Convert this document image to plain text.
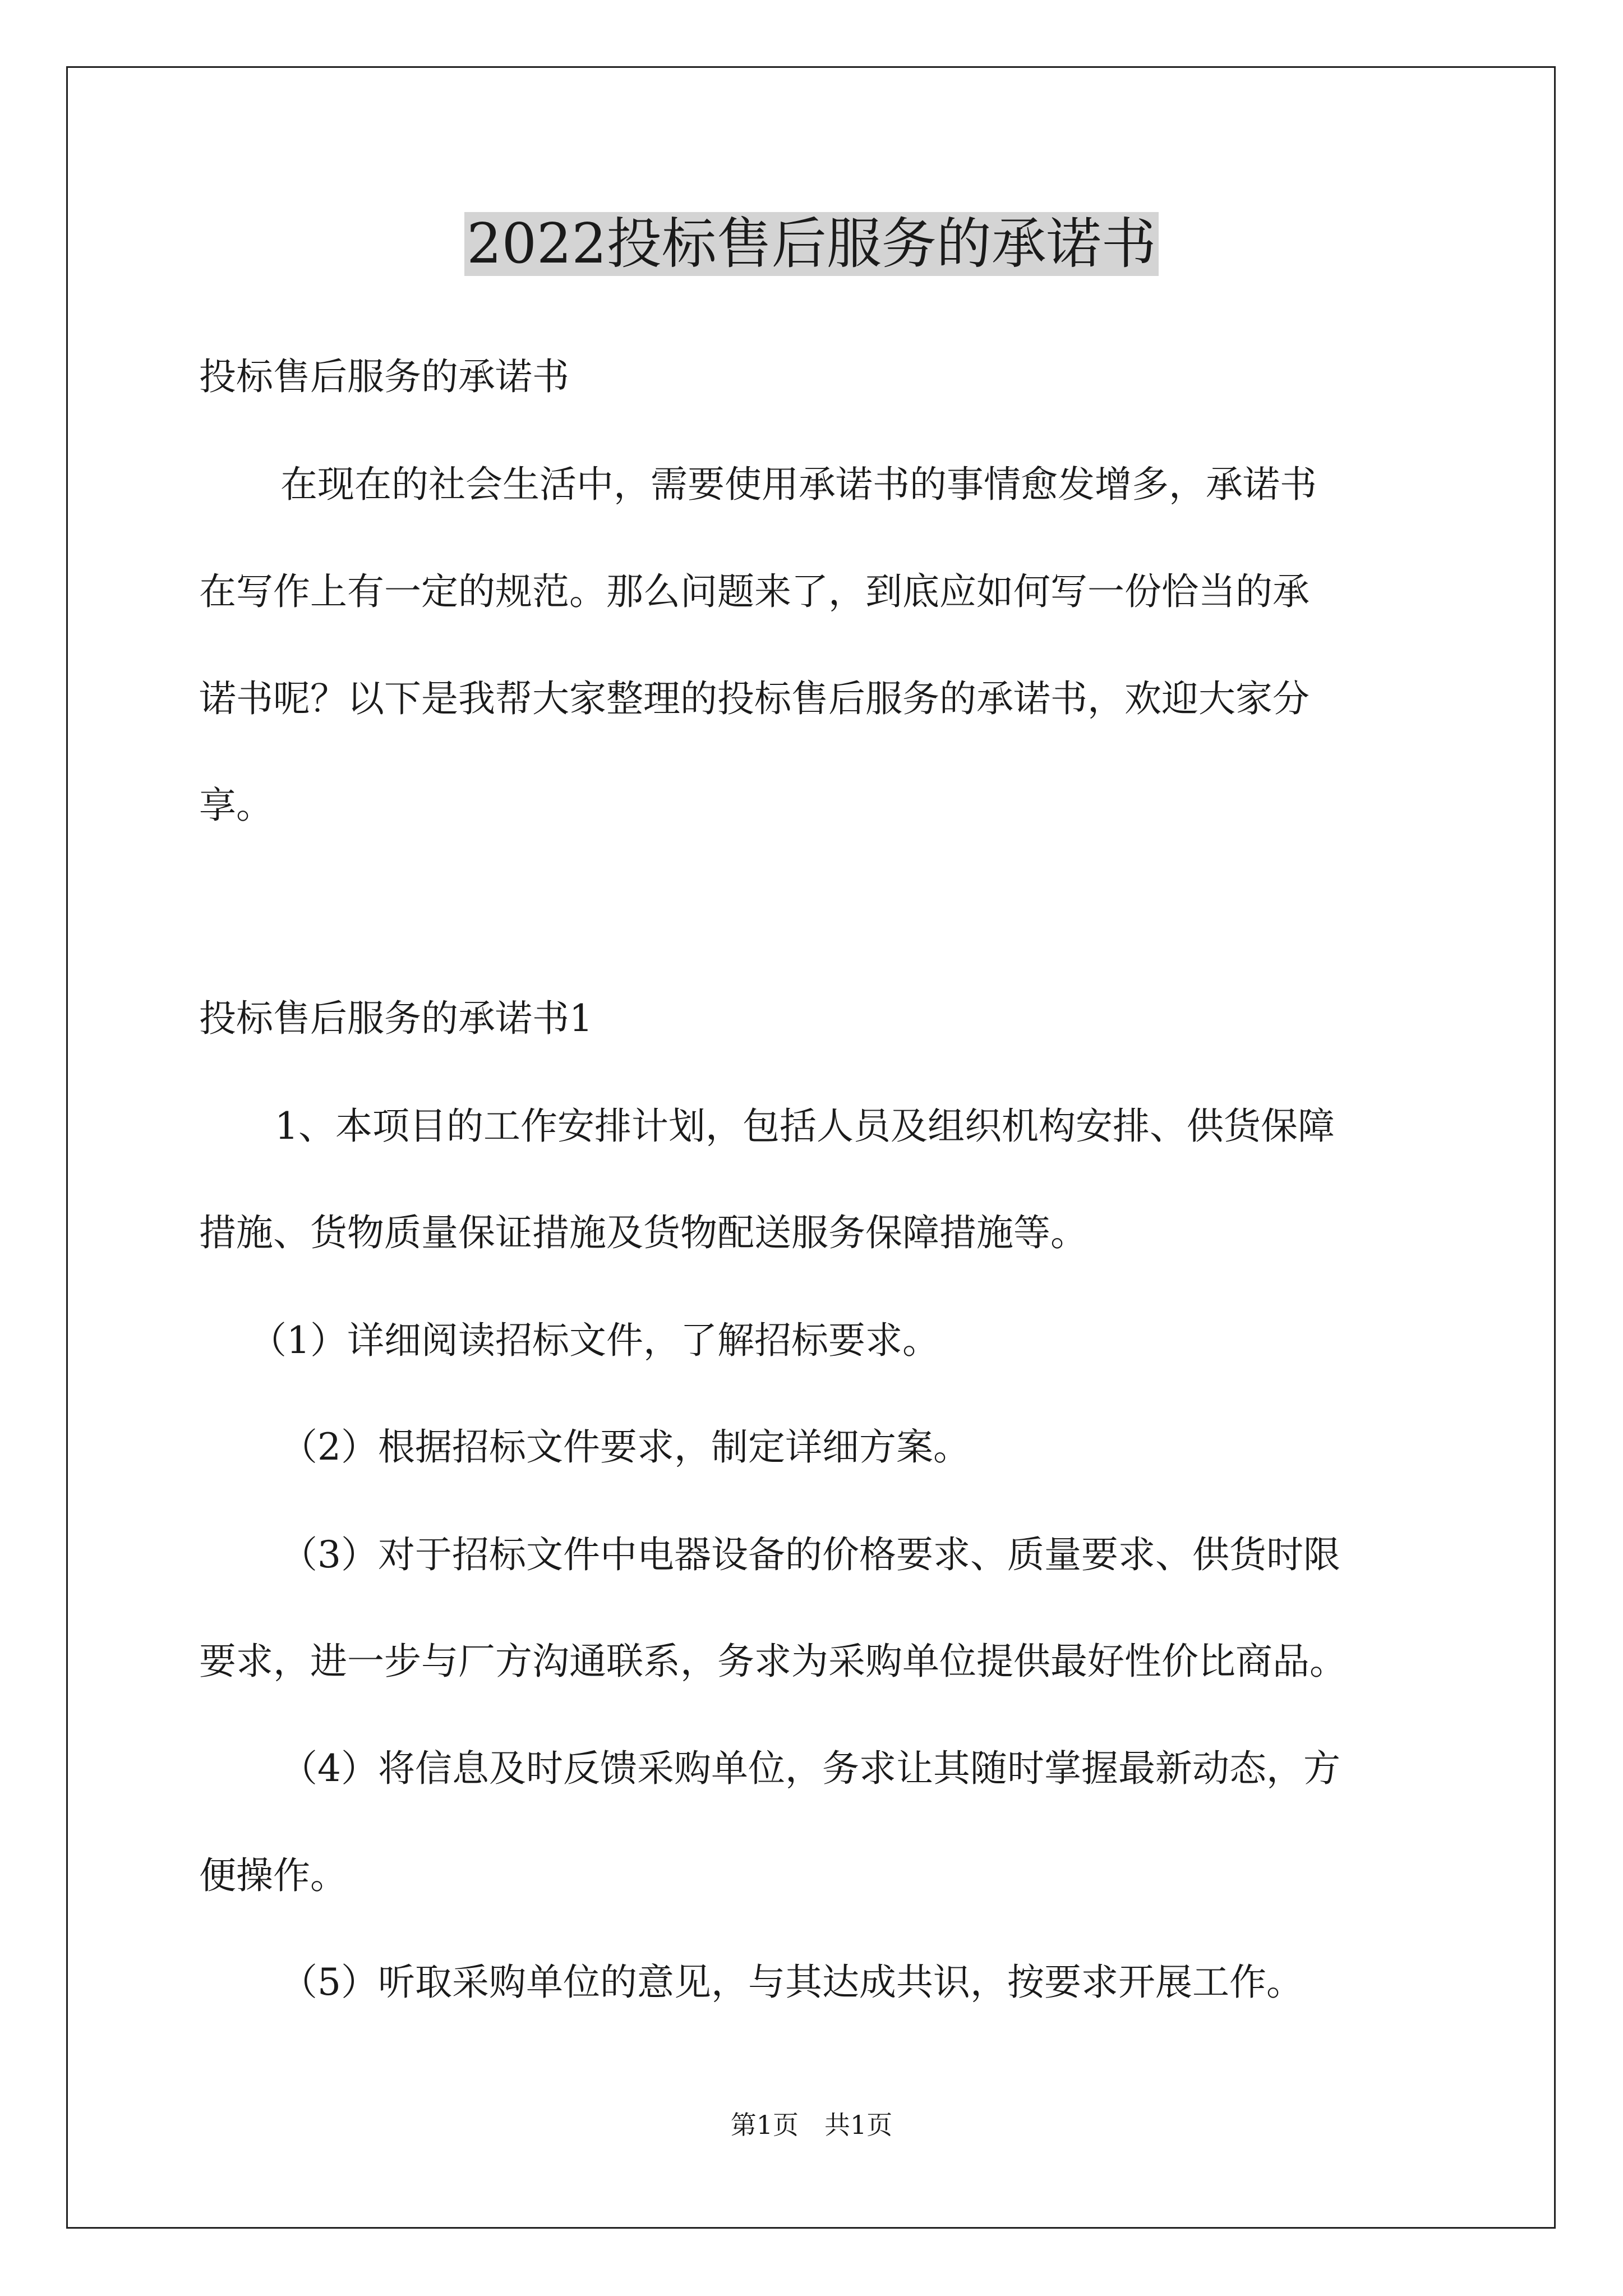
2022投标售后服务的承诺书
投标售后服务的承诺书
在现在的社会生活中，需要使用承诺书的事情愈发增多，承诺书
在写作上有一定的规范。那么问题来了，到底应如何写一份恰当的承
诺书呢？以下是我帮大家整理的投标售后服务的承诺书，欢迎大家分
享。
投标售后服务的承诺书1
1、本项目的工作安排计划，包括人员及组织机构安排、供货保障
措施、货物质量保证措施及货物配送服务保障措施等。
（1）详细阅读招标文件，了解招标要求。
（2）根据招标文件要求，制定详细方案。
（3）对于招标文件中电器设备的价格要求、质量要求、供货时限
要求，进一步与厂方沟通联系，务求为采购单位提供最好性价比商品。
（4）将信息及时反馈采购单位，务求让其随时掌握最新动态，方
便操作。
（5）听取采购单位的意见，与其达成共识，按要求开展工作。
第1页　共1页
